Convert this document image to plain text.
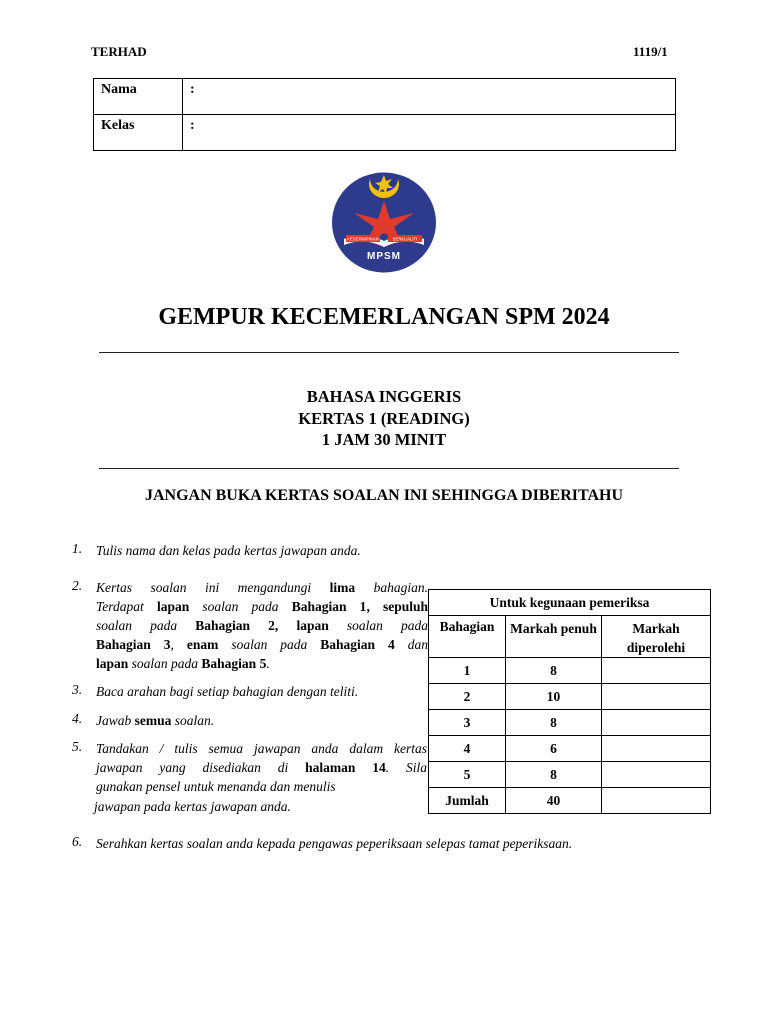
TERHAD	1119/1
Nama	:
Kelas	:
KESEPIMPINAN	BERKUALITI
MPSM
GEMPUR KECEMERLANGAN SPM 2024
BAHASA INGGERIS
KERTAS 1 (READING)
1 JAM 30 MINIT
JANGAN BUKA KERTAS SOALAN INI SEHINGGA DIBERITAHU
1.	Tulis nama dan kelas pada kertas jawapan anda.
2.	Kertas soalan ini mengandungi lima bahagian.
Terdapat lapan soalan pada Bahagian 1, sepuluh
soalan pada Bahagian 2, lapan soalan pada
Bahagian 3, enam soalan pada Bahagian 4 dan
lapan soalan pada Bahagian 5.
3.	Baca arahan bagi setiap bahagian dengan teliti.
4.	Jawab semua soalan.
5.	Tandakan / tulis semua jawapan anda dalam kertas
jawapan yang disediakan di halaman 14. Sila
gunakan pensel untuk menanda dan menulis
jawapan pada kertas jawapan anda.
6.	Serahkan kertas soalan anda kepada pengawas peperiksaan selepas tamat peperiksaan.
Untuk kegunaan pemeriksa		
Bahagian	Markah penuh	Markah diperolehi
1	8	
2	10	
3	8	
4	6	
5	8	
Jumlah	40	
